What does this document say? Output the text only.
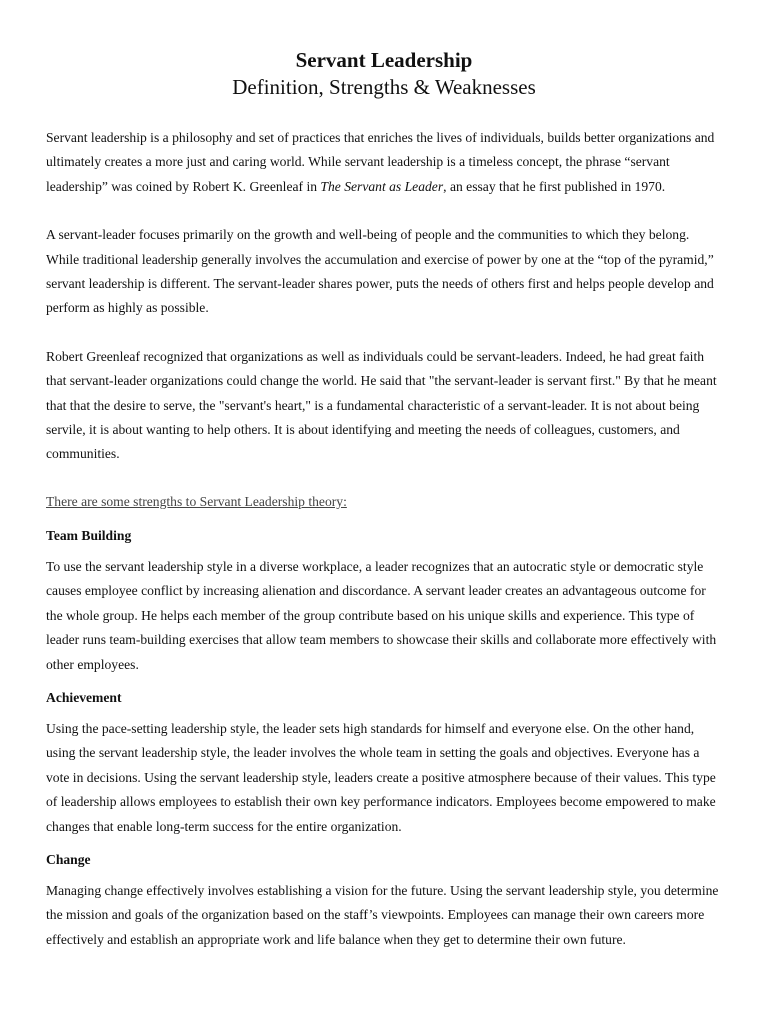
Servant Leadership
Definition, Strengths & Weaknesses

Servant leadership is a philosophy and set of practices that enriches the lives of individuals, builds better organizations and ultimately creates a more just and caring world. While servant leadership is a timeless concept, the phrase “servant leadership” was coined by Robert K. Greenleaf in The Servant as Leader, an essay that he first published in 1970.

A servant-leader focuses primarily on the growth and well-being of people and the communities to which they belong. While traditional leadership generally involves the accumulation and exercise of power by one at the “top of the pyramid,” servant leadership is different. The servant-leader shares power, puts the needs of others first and helps people develop and perform as highly as possible.

Robert Greenleaf recognized that organizations as well as individuals could be servant-leaders. Indeed, he had great faith that servant-leader organizations could change the world. He said that "the servant-leader is servant first." By that he meant that that the desire to serve, the "servant's heart," is a fundamental characteristic of a servant-leader. It is not about being servile, it is about wanting to help others. It is about identifying and meeting the needs of colleagues, customers, and communities.

There are some strengths to Servant Leadership theory:

Team Building

To use the servant leadership style in a diverse workplace, a leader recognizes that an autocratic style or democratic style causes employee conflict by increasing alienation and discordance. A servant leader creates an advantageous outcome for the whole group. He helps each member of the group contribute based on his unique skills and experience. This type of leader runs team-building exercises that allow team members to showcase their skills and collaborate more effectively with other employees.

Achievement

Using the pace-setting leadership style, the leader sets high standards for himself and everyone else. On the other hand, using the servant leadership style, the leader involves the whole team in setting the goals and objectives. Everyone has a vote in decisions. Using the servant leadership style, leaders create a positive atmosphere because of their values. This type of leadership allows employees to establish their own key performance indicators. Employees become empowered to make changes that enable long-term success for the entire organization.

Change

Managing change effectively involves establishing a vision for the future. Using the servant leadership style, you determine the mission and goals of the organization based on the staff’s viewpoints. Employees can manage their own careers more effectively and establish an appropriate work and life balance when they get to determine their own future.
